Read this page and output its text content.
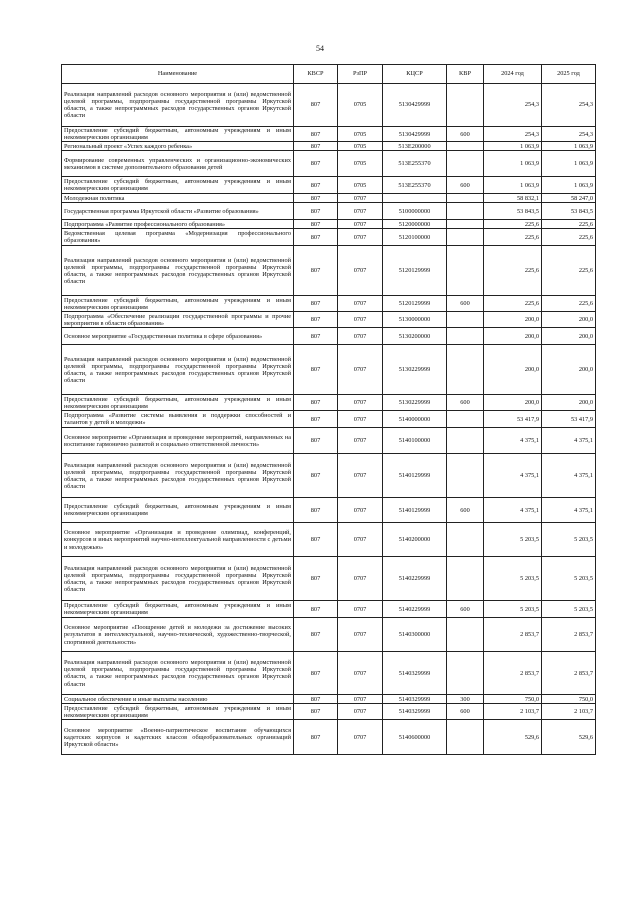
54
Наименование	КВСР	РзПР	КЦСР	КВР	2024 год	2025 год
Реализация направлений расходов основного мероприятия и (или) ведомственной целевой программы, подпрограммы государственной программы Иркутской области, а также непрограммных расходов государственных органов Иркутской области	807	0705	5130429999		254,3	254,3
Предоставление субсидий бюджетным, автономным учреждениям и иным некоммерческим организациям	807	0705	5130429999	600	254,3	254,3
Региональный проект «Успех каждого ребенка»	807	0705	513E200000		1 063,9	1 063,9
Формирование современных управленческих и организационно-экономических механизмов в системе дополнительного образования детей	807	0705	513E255370		1 063,9	1 063,9
Предоставление субсидий бюджетным, автономным учреждениям и иным некоммерческим организациям	807	0705	513E255370	600	1 063,9	1 063,9
Молодежная политика	807	0707			58 832,1	58 247,0
Государственная программа Иркутской области «Развитие образования»	807	0707	5100000000		53 843,5	53 843,5
Подпрограмма «Развитие профессионального образования»	807	0707	5120000000		225,6	225,6
Ведомственная целевая программа «Модернизация профессионального образования»	807	0707	5120100000		225,6	225,6
Реализация направлений расходов основного мероприятия и (или) ведомственной целевой программы, подпрограммы государственной программы Иркутской области, а также непрограммных расходов государственных органов Иркутской области	807	0707	5120129999		225,6	225,6
Предоставление субсидий бюджетным, автономным учреждениям и иным некоммерческим организациям	807	0707	5120129999	600	225,6	225,6
Подпрограмма «Обеспечение реализации государственной программы и прочие мероприятия в области образования»	807	0707	5130000000		200,0	200,0
Основное мероприятие «Государственная политика в сфере образования»	807	0707	5130200000		200,0	200,0
Реализация направлений расходов основного мероприятия и (или) ведомственной целевой программы, подпрограммы государственной программы Иркутской области, а также непрограммных расходов государственных органов Иркутской области	807	0707	5130229999		200,0	200,0
Предоставление субсидий бюджетным, автономным учреждениям и иным некоммерческим организациям	807	0707	5130229999	600	200,0	200,0
Подпрограмма «Развитие системы выявления и поддержки способностей и талантов у детей и молодежи»	807	0707	5140000000		53 417,9	53 417,9
Основное мероприятие «Организация и проведение мероприятий, направленных на воспитание гармонично развитой и социально ответственной личности»	807	0707	5140100000		4 375,1	4 375,1
Реализация направлений расходов основного мероприятия и (или) ведомственной целевой программы, подпрограммы государственной программы Иркутской области, а также непрограммных расходов государственных органов Иркутской области	807	0707	5140129999		4 375,1	4 375,1
Предоставление субсидий бюджетным, автономным учреждениям и иным некоммерческим организациям	807	0707	5140129999	600	4 375,1	4 375,1
Основное мероприятие «Организация и проведение олимпиад, конференций, конкурсов и иных мероприятий научно-интеллектуальной направленности с детьми и молодежью»	807	0707	5140200000		5 203,5	5 203,5
Реализация направлений расходов основного мероприятия и (или) ведомственной целевой программы, подпрограммы государственной программы Иркутской области, а также непрограммных расходов государственных органов Иркутской области	807	0707	5140229999		5 203,5	5 203,5
Предоставление субсидий бюджетным, автономным учреждениям и иным некоммерческим организациям	807	0707	5140229999	600	5 203,5	5 203,5
Основное мероприятие «Поощрение детей и молодежи за достижение высоких результатов в интеллектуальной, научно-технической, художественно-творческой, спортивной деятельности»	807	0707	5140300000		2 853,7	2 853,7
Реализация направлений расходов основного мероприятия и (или) ведомственной целевой программы, подпрограммы государственной программы Иркутской области, а также непрограммных расходов государственных органов Иркутской области	807	0707	5140329999		2 853,7	2 853,7
Социальное обеспечение и иные выплаты населению	807	0707	5140329999	300	750,0	750,0
Предоставление субсидий бюджетным, автономным учреждениям и иным некоммерческим организациям	807	0707	5140329999	600	2 103,7	2 103,7
Основное мероприятие «Военно-патриотическое воспитание обучающихся кадетских корпусов и кадетских классов общеобразовательных организаций Иркутской области»	807	0707	5140600000		529,6	529,6
